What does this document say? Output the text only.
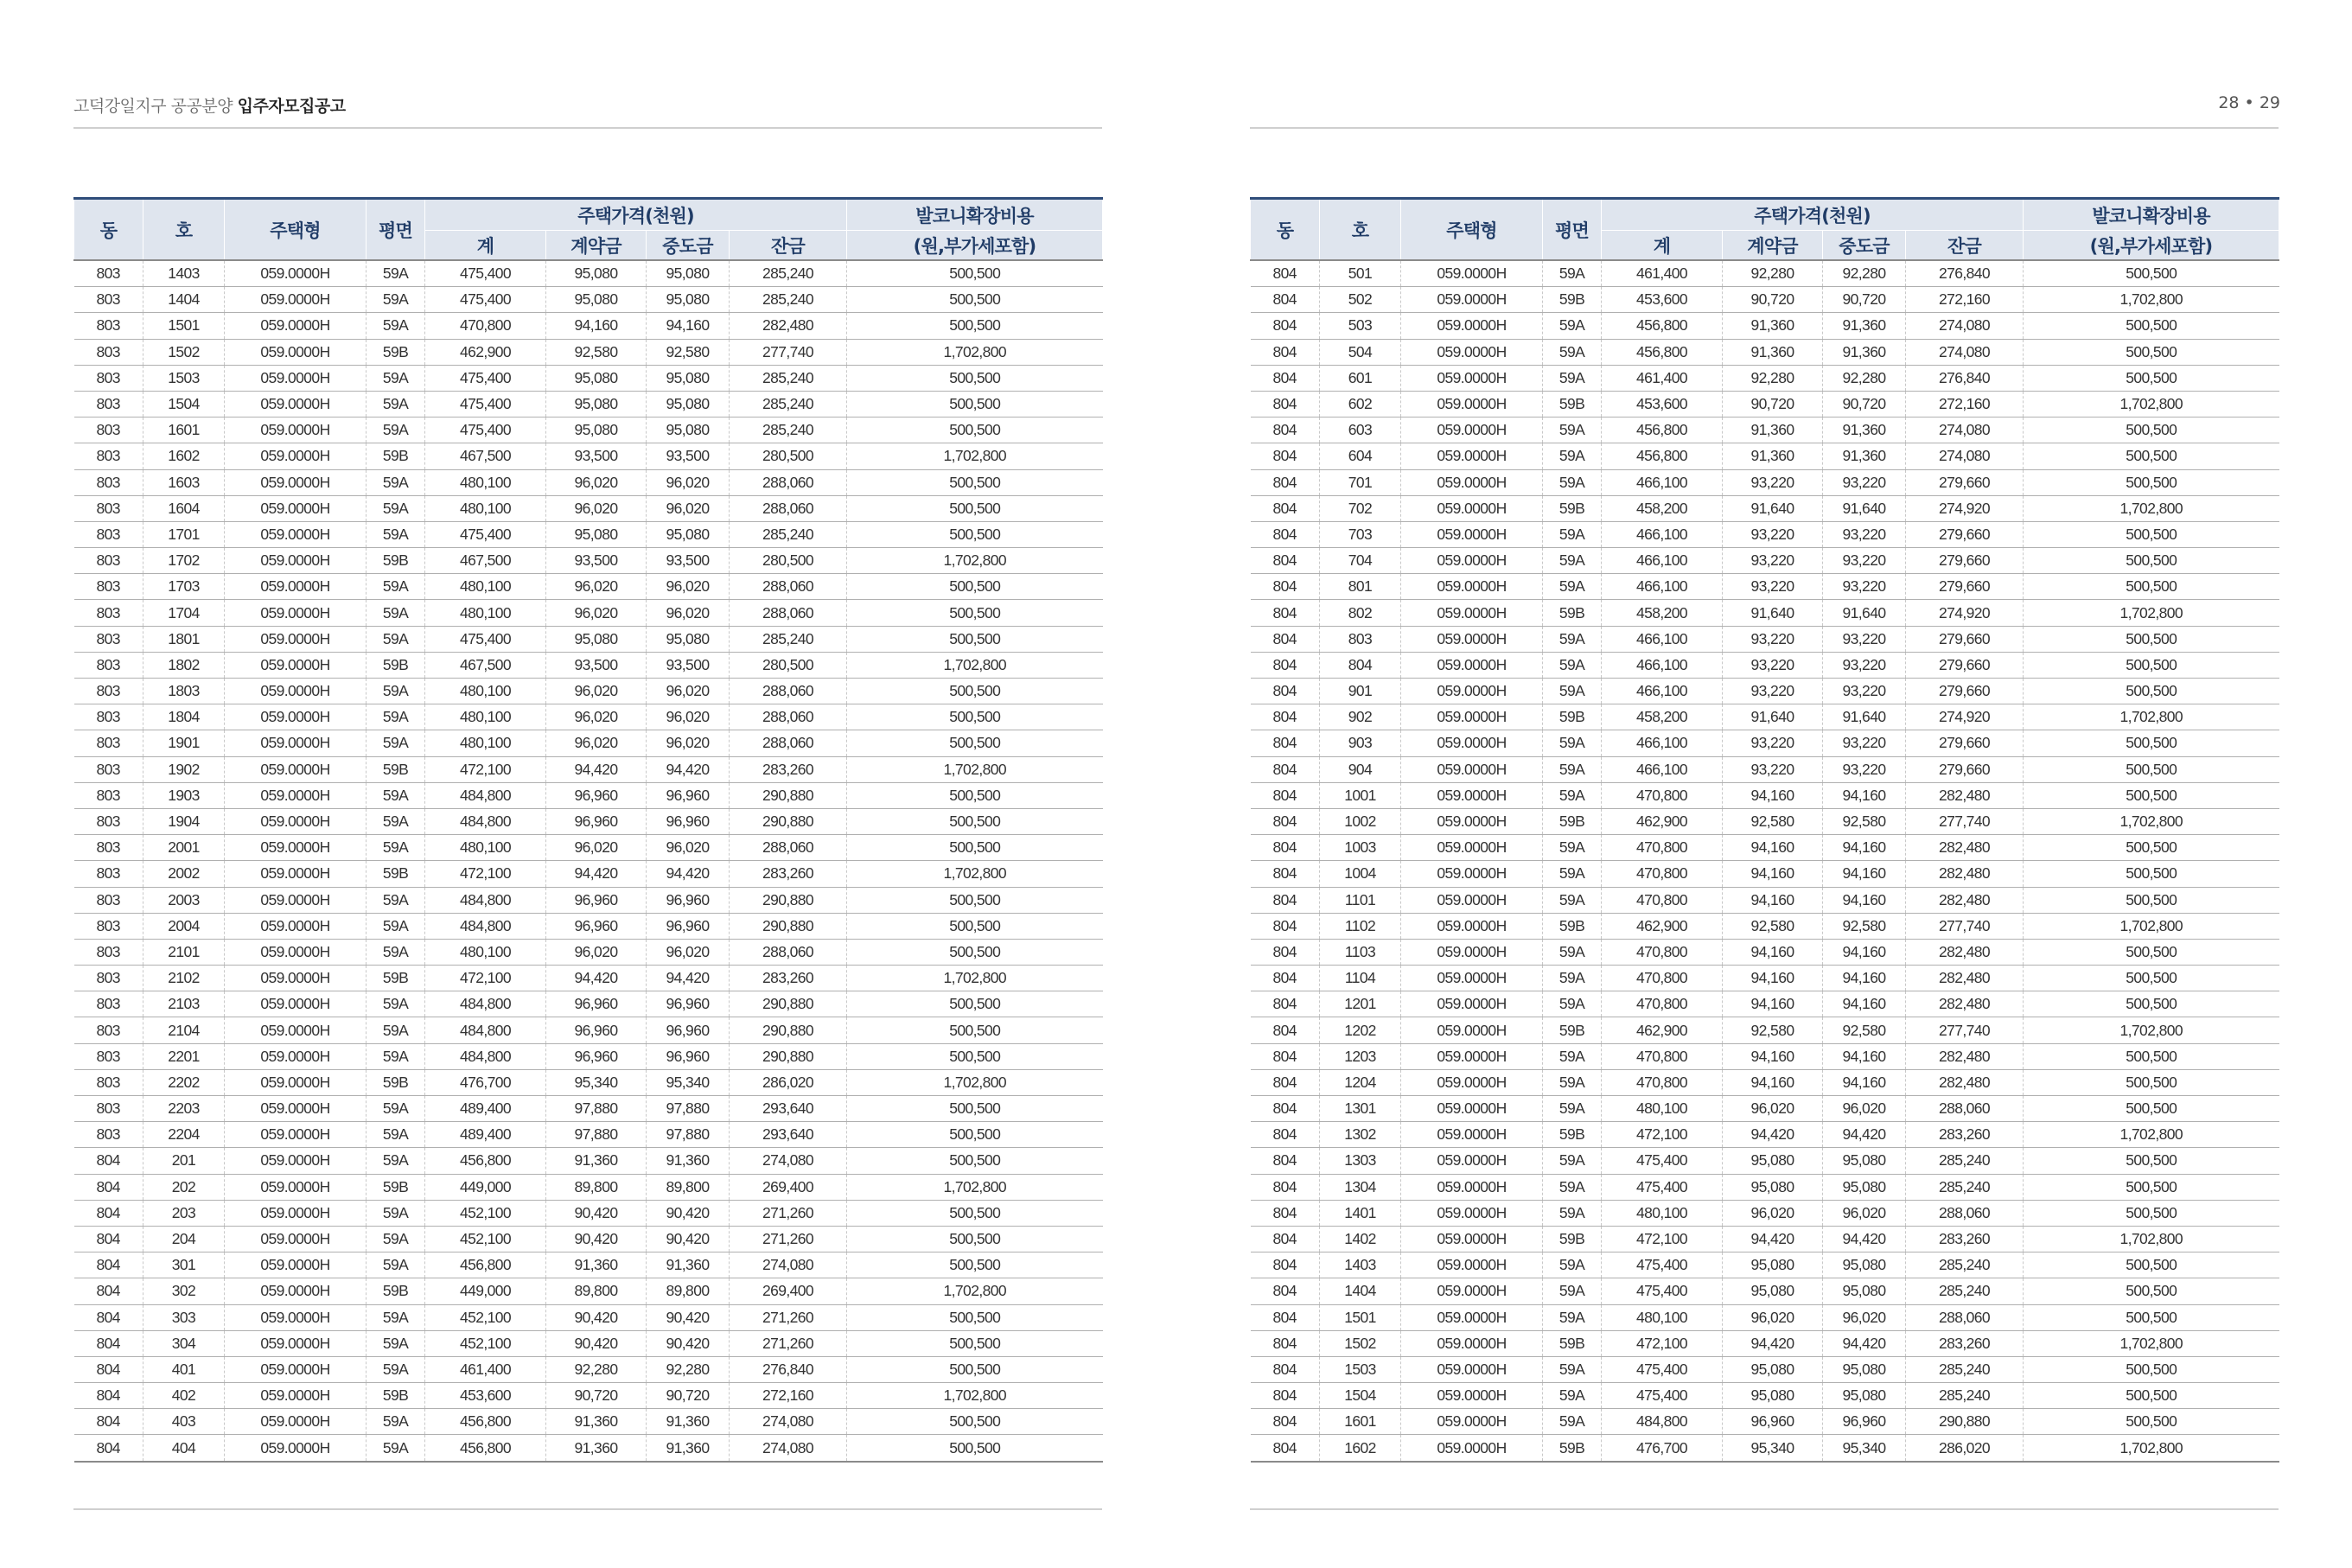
고덕강일지구 공공분양 입주자모집공고
동	호	주택형	평면	주택가격(천원)				발코니확장비용
				계	계약금	중도금	잔금	(원,부가세포함)
803	1403	059.0000H	59A	475,400	95,080	95,080	285,240	500,500
803	1404	059.0000H	59A	475,400	95,080	95,080	285,240	500,500
803	1501	059.0000H	59A	470,800	94,160	94,160	282,480	500,500
803	1502	059.0000H	59B	462,900	92,580	92,580	277,740	1,702,800
803	1503	059.0000H	59A	475,400	95,080	95,080	285,240	500,500
803	1504	059.0000H	59A	475,400	95,080	95,080	285,240	500,500
803	1601	059.0000H	59A	475,400	95,080	95,080	285,240	500,500
803	1602	059.0000H	59B	467,500	93,500	93,500	280,500	1,702,800
803	1603	059.0000H	59A	480,100	96,020	96,020	288,060	500,500
803	1604	059.0000H	59A	480,100	96,020	96,020	288,060	500,500
803	1701	059.0000H	59A	475,400	95,080	95,080	285,240	500,500
803	1702	059.0000H	59B	467,500	93,500	93,500	280,500	1,702,800
803	1703	059.0000H	59A	480,100	96,020	96,020	288,060	500,500
803	1704	059.0000H	59A	480,100	96,020	96,020	288,060	500,500
803	1801	059.0000H	59A	475,400	95,080	95,080	285,240	500,500
803	1802	059.0000H	59B	467,500	93,500	93,500	280,500	1,702,800
803	1803	059.0000H	59A	480,100	96,020	96,020	288,060	500,500
803	1804	059.0000H	59A	480,100	96,020	96,020	288,060	500,500
803	1901	059.0000H	59A	480,100	96,020	96,020	288,060	500,500
803	1902	059.0000H	59B	472,100	94,420	94,420	283,260	1,702,800
803	1903	059.0000H	59A	484,800	96,960	96,960	290,880	500,500
803	1904	059.0000H	59A	484,800	96,960	96,960	290,880	500,500
803	2001	059.0000H	59A	480,100	96,020	96,020	288,060	500,500
803	2002	059.0000H	59B	472,100	94,420	94,420	283,260	1,702,800
803	2003	059.0000H	59A	484,800	96,960	96,960	290,880	500,500
803	2004	059.0000H	59A	484,800	96,960	96,960	290,880	500,500
803	2101	059.0000H	59A	480,100	96,020	96,020	288,060	500,500
803	2102	059.0000H	59B	472,100	94,420	94,420	283,260	1,702,800
803	2103	059.0000H	59A	484,800	96,960	96,960	290,880	500,500
803	2104	059.0000H	59A	484,800	96,960	96,960	290,880	500,500
803	2201	059.0000H	59A	484,800	96,960	96,960	290,880	500,500
803	2202	059.0000H	59B	476,700	95,340	95,340	286,020	1,702,800
803	2203	059.0000H	59A	489,400	97,880	97,880	293,640	500,500
803	2204	059.0000H	59A	489,400	97,880	97,880	293,640	500,500
804	201	059.0000H	59A	456,800	91,360	91,360	274,080	500,500
804	202	059.0000H	59B	449,000	89,800	89,800	269,400	1,702,800
804	203	059.0000H	59A	452,100	90,420	90,420	271,260	500,500
804	204	059.0000H	59A	452,100	90,420	90,420	271,260	500,500
804	301	059.0000H	59A	456,800	91,360	91,360	274,080	500,500
804	302	059.0000H	59B	449,000	89,800	89,800	269,400	1,702,800
804	303	059.0000H	59A	452,100	90,420	90,420	271,260	500,500
804	304	059.0000H	59A	452,100	90,420	90,420	271,260	500,500
804	401	059.0000H	59A	461,400	92,280	92,280	276,840	500,500
804	402	059.0000H	59B	453,600	90,720	90,720	272,160	1,702,800
804	403	059.0000H	59A	456,800	91,360	91,360	274,080	500,500
804	404	059.0000H	59A	456,800	91,360	91,360	274,080	500,500
28 • 29
동	호	주택형	평면	주택가격(천원)				발코니확장비용
				계	계약금	중도금	잔금	(원,부가세포함)
804	501	059.0000H	59A	461,400	92,280	92,280	276,840	500,500
804	502	059.0000H	59B	453,600	90,720	90,720	272,160	1,702,800
804	503	059.0000H	59A	456,800	91,360	91,360	274,080	500,500
804	504	059.0000H	59A	456,800	91,360	91,360	274,080	500,500
804	601	059.0000H	59A	461,400	92,280	92,280	276,840	500,500
804	602	059.0000H	59B	453,600	90,720	90,720	272,160	1,702,800
804	603	059.0000H	59A	456,800	91,360	91,360	274,080	500,500
804	604	059.0000H	59A	456,800	91,360	91,360	274,080	500,500
804	701	059.0000H	59A	466,100	93,220	93,220	279,660	500,500
804	702	059.0000H	59B	458,200	91,640	91,640	274,920	1,702,800
804	703	059.0000H	59A	466,100	93,220	93,220	279,660	500,500
804	704	059.0000H	59A	466,100	93,220	93,220	279,660	500,500
804	801	059.0000H	59A	466,100	93,220	93,220	279,660	500,500
804	802	059.0000H	59B	458,200	91,640	91,640	274,920	1,702,800
804	803	059.0000H	59A	466,100	93,220	93,220	279,660	500,500
804	804	059.0000H	59A	466,100	93,220	93,220	279,660	500,500
804	901	059.0000H	59A	466,100	93,220	93,220	279,660	500,500
804	902	059.0000H	59B	458,200	91,640	91,640	274,920	1,702,800
804	903	059.0000H	59A	466,100	93,220	93,220	279,660	500,500
804	904	059.0000H	59A	466,100	93,220	93,220	279,660	500,500
804	1001	059.0000H	59A	470,800	94,160	94,160	282,480	500,500
804	1002	059.0000H	59B	462,900	92,580	92,580	277,740	1,702,800
804	1003	059.0000H	59A	470,800	94,160	94,160	282,480	500,500
804	1004	059.0000H	59A	470,800	94,160	94,160	282,480	500,500
804	1101	059.0000H	59A	470,800	94,160	94,160	282,480	500,500
804	1102	059.0000H	59B	462,900	92,580	92,580	277,740	1,702,800
804	1103	059.0000H	59A	470,800	94,160	94,160	282,480	500,500
804	1104	059.0000H	59A	470,800	94,160	94,160	282,480	500,500
804	1201	059.0000H	59A	470,800	94,160	94,160	282,480	500,500
804	1202	059.0000H	59B	462,900	92,580	92,580	277,740	1,702,800
804	1203	059.0000H	59A	470,800	94,160	94,160	282,480	500,500
804	1204	059.0000H	59A	470,800	94,160	94,160	282,480	500,500
804	1301	059.0000H	59A	480,100	96,020	96,020	288,060	500,500
804	1302	059.0000H	59B	472,100	94,420	94,420	283,260	1,702,800
804	1303	059.0000H	59A	475,400	95,080	95,080	285,240	500,500
804	1304	059.0000H	59A	475,400	95,080	95,080	285,240	500,500
804	1401	059.0000H	59A	480,100	96,020	96,020	288,060	500,500
804	1402	059.0000H	59B	472,100	94,420	94,420	283,260	1,702,800
804	1403	059.0000H	59A	475,400	95,080	95,080	285,240	500,500
804	1404	059.0000H	59A	475,400	95,080	95,080	285,240	500,500
804	1501	059.0000H	59A	480,100	96,020	96,020	288,060	500,500
804	1502	059.0000H	59B	472,100	94,420	94,420	283,260	1,702,800
804	1503	059.0000H	59A	475,400	95,080	95,080	285,240	500,500
804	1504	059.0000H	59A	475,400	95,080	95,080	285,240	500,500
804	1601	059.0000H	59A	484,800	96,960	96,960	290,880	500,500
804	1602	059.0000H	59B	476,700	95,340	95,340	286,020	1,702,800
